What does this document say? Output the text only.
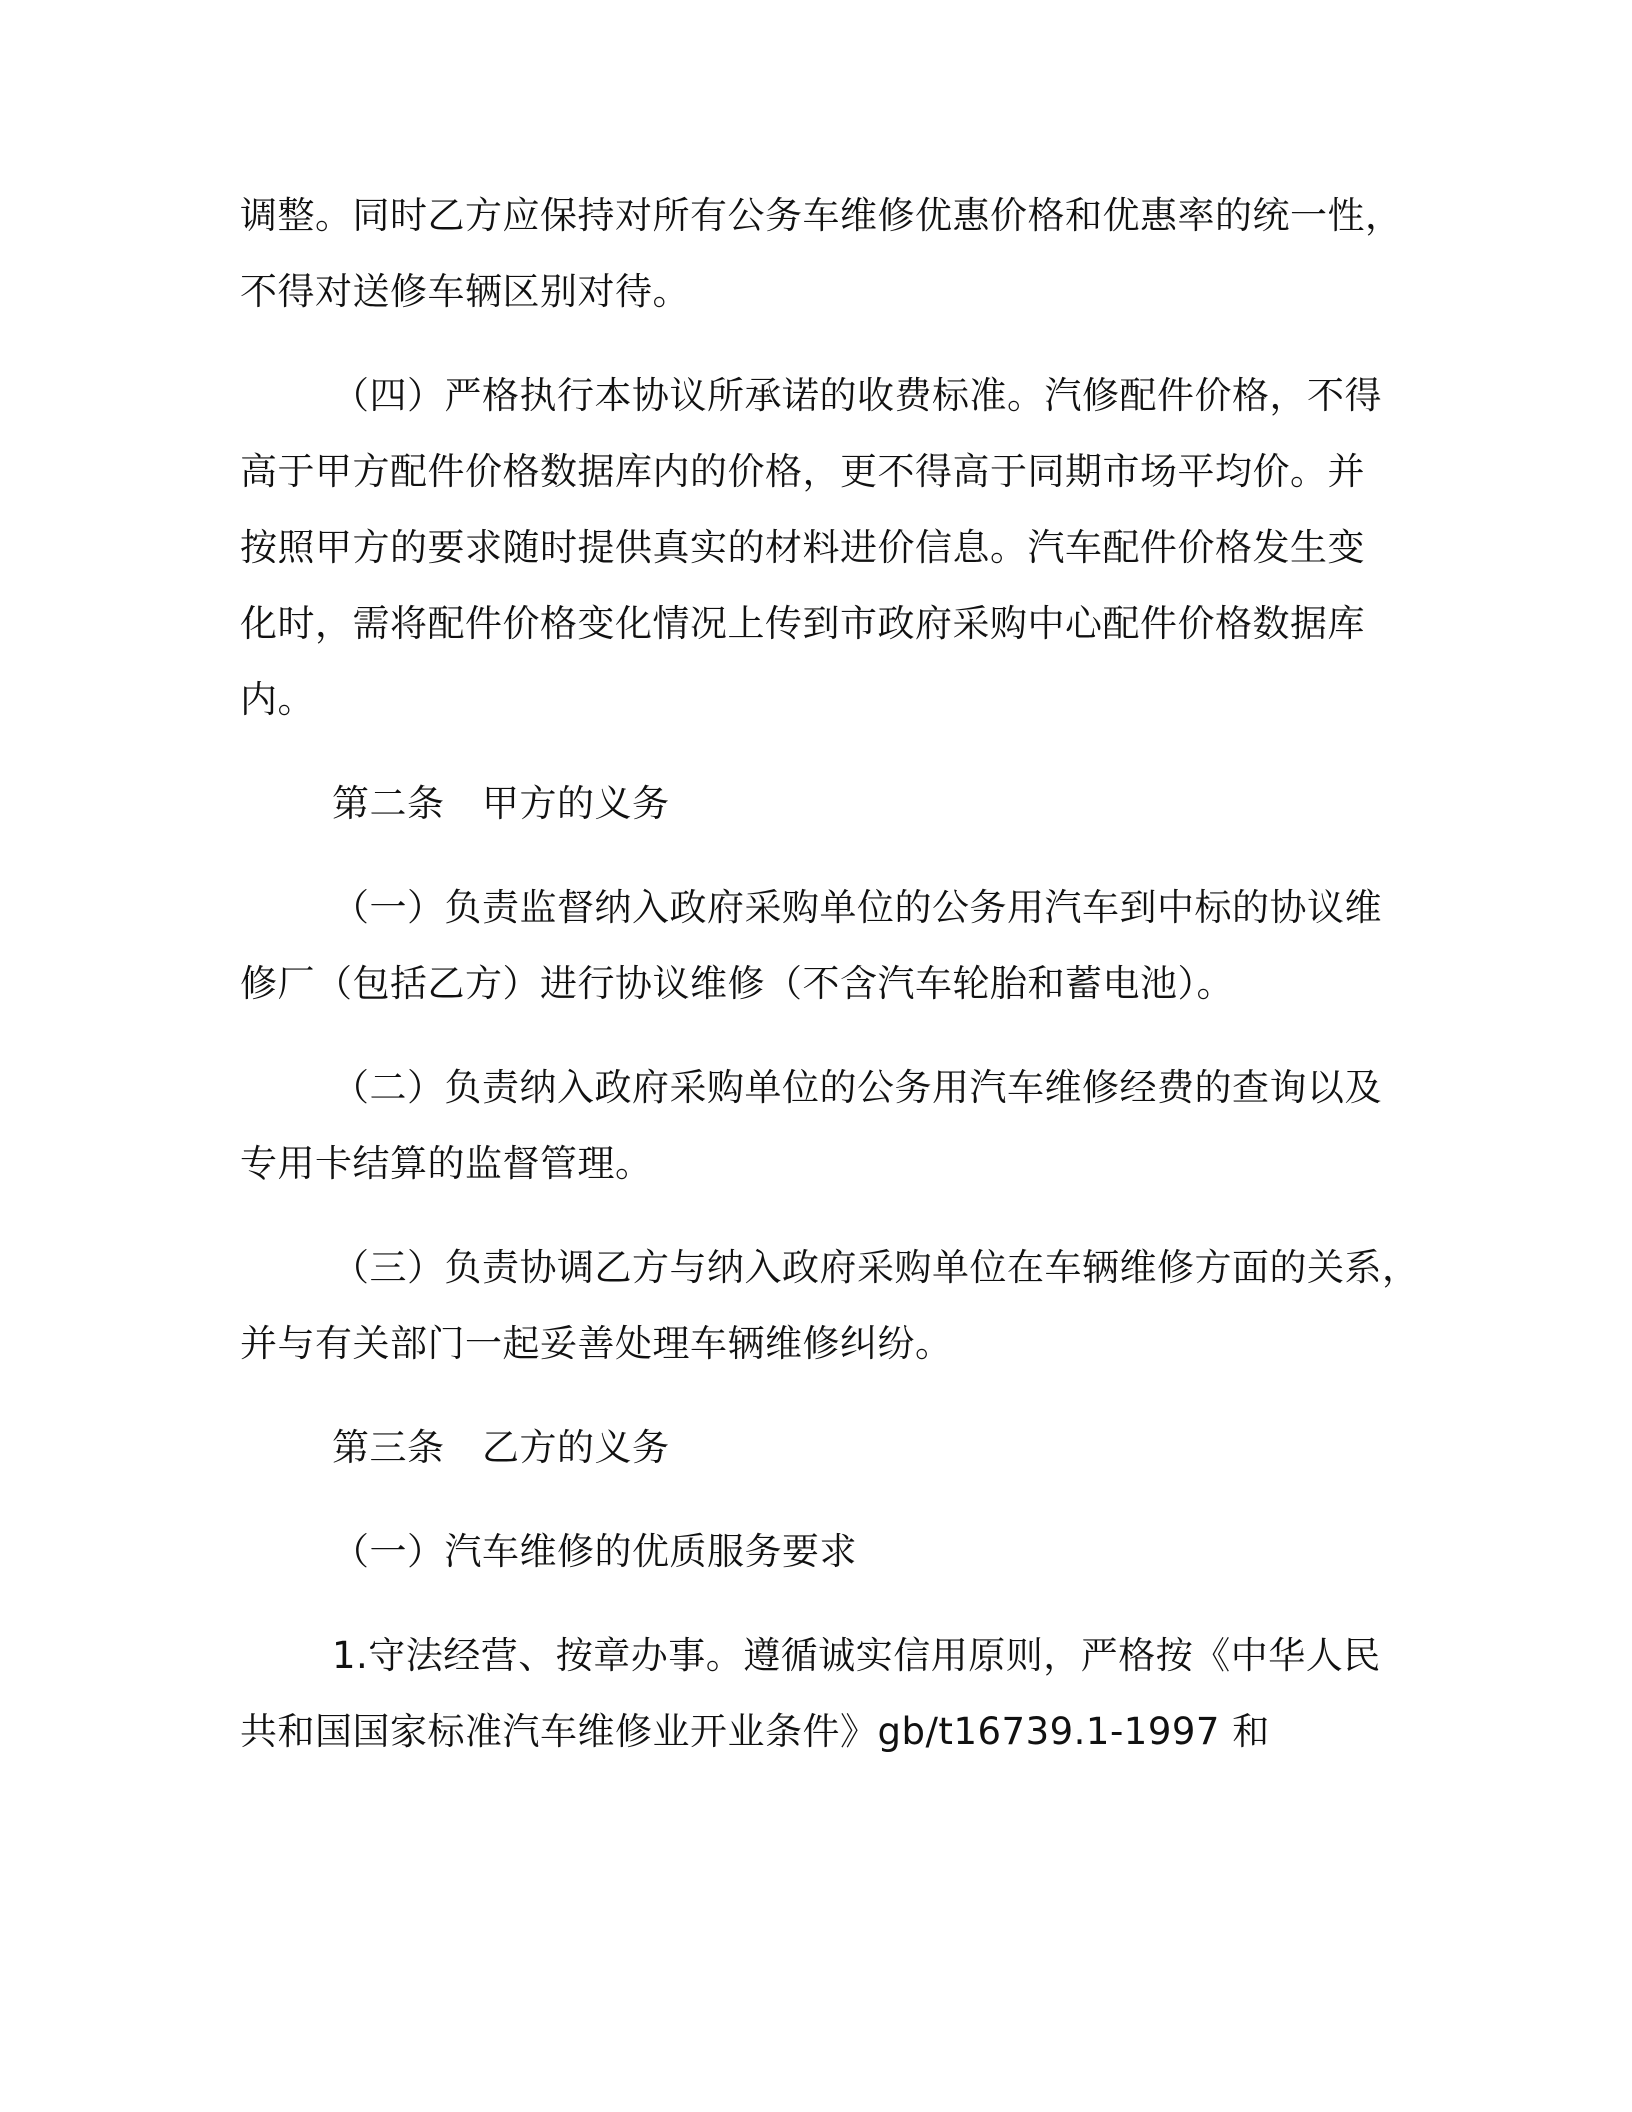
调整。同时乙方应保持对所有公务车维修优惠价格和优惠率的统一性，
不得对送修车辆区别对待。
（四）严格执行本协议所承诺的收费标准。汽修配件价格，不得
高于甲方配件价格数据库内的价格，更不得高于同期市场平均价。并
按照甲方的要求随时提供真实的材料进价信息。汽车配件价格发生变
化时，需将配件价格变化情况上传到市政府采购中心配件价格数据库
内。
第二条　甲方的义务
（一）负责监督纳入政府采购单位的公务用汽车到中标的协议维
修厂（包括乙方）进行协议维修（不含汽车轮胎和蓄电池）。
（二）负责纳入政府采购单位的公务用汽车维修经费的查询以及
专用卡结算的监督管理。
（三）负责协调乙方与纳入政府采购单位在车辆维修方面的关系，
并与有关部门一起妥善处理车辆维修纠纷。
第三条　乙方的义务
（一）汽车维修的优质服务要求
1.守法经营、按章办事。遵循诚实信用原则，严格按《中华人民
共和国国家标准汽车维修业开业条件》gb/t16739.1-1997 和
